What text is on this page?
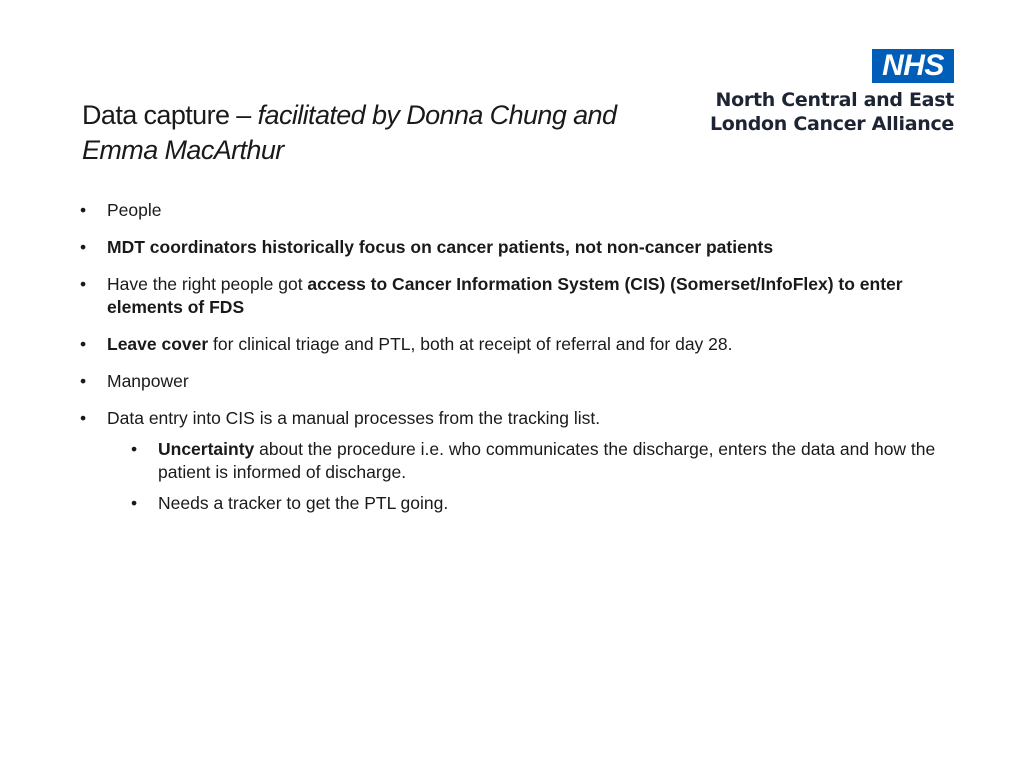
Data capture – facilitated by Donna Chung and Emma MacArthur
NHS
North Central and East
London Cancer Alliance
• People
• MDT coordinators historically focus on cancer patients, not non-cancer patients
• Have the right people got access to Cancer Information System (CIS) (Somerset/InfoFlex) to enter elements of FDS
• Leave cover for clinical triage and PTL, both at receipt of referral and for day 28.
• Manpower
• Data entry into CIS is a manual processes from the tracking list.
• Uncertainty about the procedure i.e. who communicates the discharge, enters the data and how the patient is informed of discharge.
• Needs a tracker to get the PTL going.
